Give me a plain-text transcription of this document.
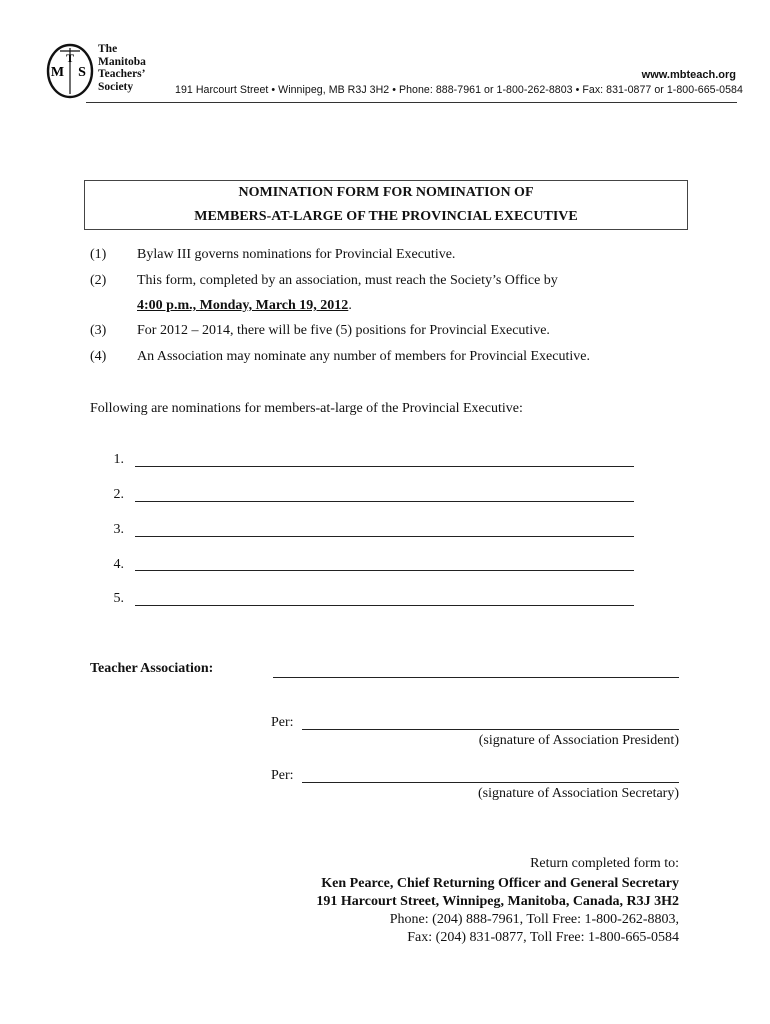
M
T
S
The
Manitoba
Teachers’
Society
www.mbteach.org
191 Harcourt Street • Winnipeg, MB R3J 3H2 • Phone: 888-7961 or 1-800-262-8803 • Fax: 831-0877 or 1-800-665-0584
NOMINATION FORM FOR NOMINATION OF
MEMBERS-AT-LARGE OF THE PROVINCIAL EXECUTIVE
(1) Bylaw III governs nominations for Provincial Executive.
(2) This form, completed by an association, must reach the Society’s Office by
4:00 p.m., Monday, March 19, 2012.
(3) For 2012 – 2014, there will be five (5) positions for Provincial Executive.
(4) An Association may nominate any number of members for Provincial Executive.
Following are nominations for members-at-large of the Provincial Executive:
1.
2.
3.
4.
5.
Teacher Association:
Per:
(signature of Association President)
Per:
(signature of Association Secretary)
Return completed form to:
Ken Pearce, Chief Returning Officer and General Secretary
191 Harcourt Street, Winnipeg, Manitoba, Canada, R3J 3H2
Phone: (204) 888-7961, Toll Free: 1-800-262-8803,
Fax: (204) 831-0877, Toll Free: 1-800-665-0584
